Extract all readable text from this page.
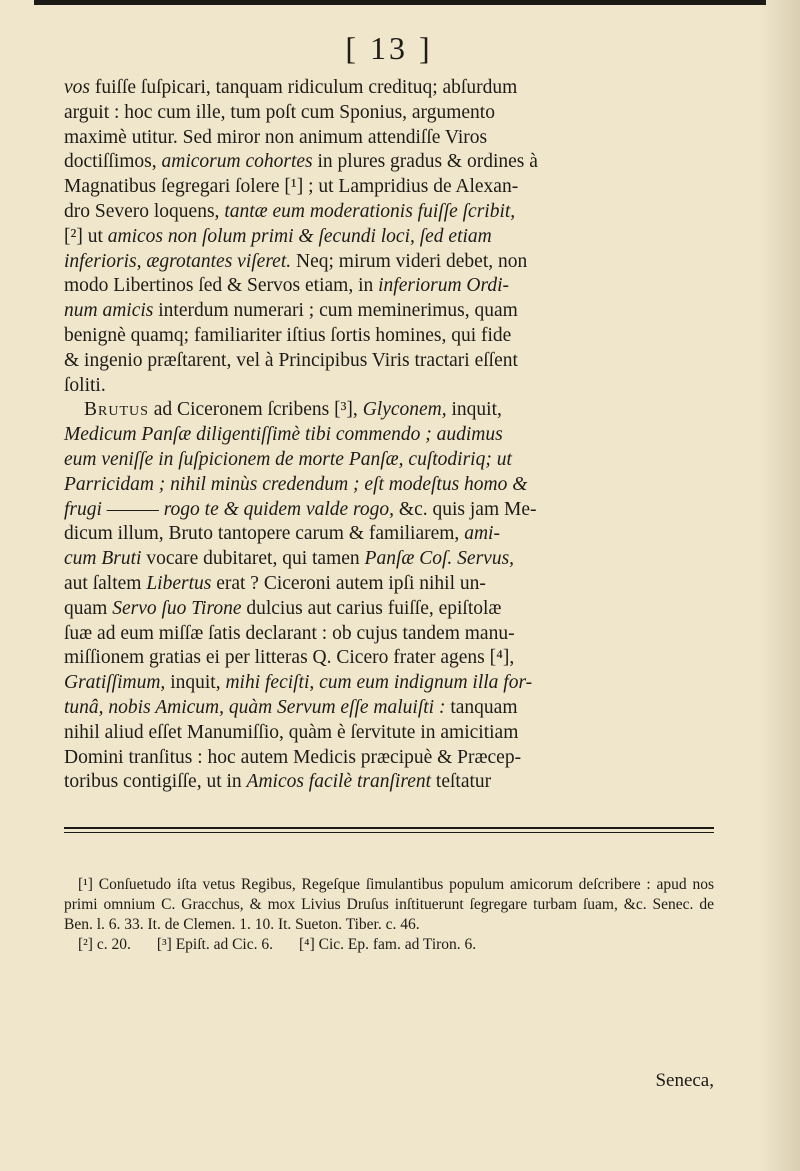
[ 13 ]

vos fuiſſe ſuſpicari, tanquam ridiculum credituq; abſurdum

arguit : hoc cum ille, tum poſt cum Sponius, argumento

maximè utitur. Sed miror non animum attendiſſe Viros

doctiſſimos, amicorum cohortes in plures gradus & ordines à

Magnatibus ſegregari ſolere [¹] ; ut Lampridius de Alexan-

dro Severo loquens, tantæ eum moderationis fuiſſe ſcribit,

[²] ut amicos non ſolum primi & ſecundi loci, ſed etiam

inferioris, ægrotantes viſeret. Neq; mirum videri debet, non

modo Libertinos ſed & Servos etiam, in inferiorum Ordi-

num amicis interdum numerari ; cum meminerimus, quam

benignè quamq; familiariter iſtius ſortis homines, qui fide

& ingenio præſtarent, vel à Principibus Viris tractari eſſent

ſoliti.

Brutus ad Ciceronem ſcribens [³], Glyconem, inquit,

Medicum Panſæ diligentiſſimè tibi commendo ; audimus

eum veniſſe in ſuſpicionem de morte Panſæ, cuſtodiriq; ut

Parricidam ; nihil minùs credendum ; eſt modeſtus homo &

frugi ——— rogo te & quidem valde rogo, &c. quis jam Me-

dicum illum, Bruto tantopere carum & familiarem, ami-

cum Bruti vocare dubitaret, qui tamen Panſæ Coſ. Servus,

aut ſaltem Libertus erat ? Ciceroni autem ipſi nihil un-

quam Servo ſuo Tirone dulcius aut carius fuiſſe, epiſtolæ

ſuæ ad eum miſſæ ſatis declarant : ob cujus tandem manu-

miſſionem gratias ei per litteras Q. Cicero frater agens [⁴],

Gratiſſimum, inquit, mihi feciſti, cum eum indignum illa for-

tunâ, nobis Amicum, quàm Servum eſſe maluiſti : tanquam

nihil aliud eſſet Manumiſſio, quàm è ſervitute in amicitiam

Domini tranſitus : hoc autem Medicis præcipuè & Præcep-

toribus contigiſſe, ut in Amicos facilè tranſirent teſtatur

[¹] Conſuetudo iſta vetus Regibus, Regeſque ſimulantibus populum amicorum deſcribere : apud nos primi omnium C. Gracchus, & mox Livius Druſus inſtituerunt ſegregare turbam ſuam, &c. Senec. de Ben. l. 6. 33. It. de Clemen. 1. 10. It. Sueton. Tiber. c. 46.

[²] c. 20. [³] Epiſt. ad Cic. 6. [⁴] Cic. Ep. fam. ad Tiron. 6.
Seneca,
